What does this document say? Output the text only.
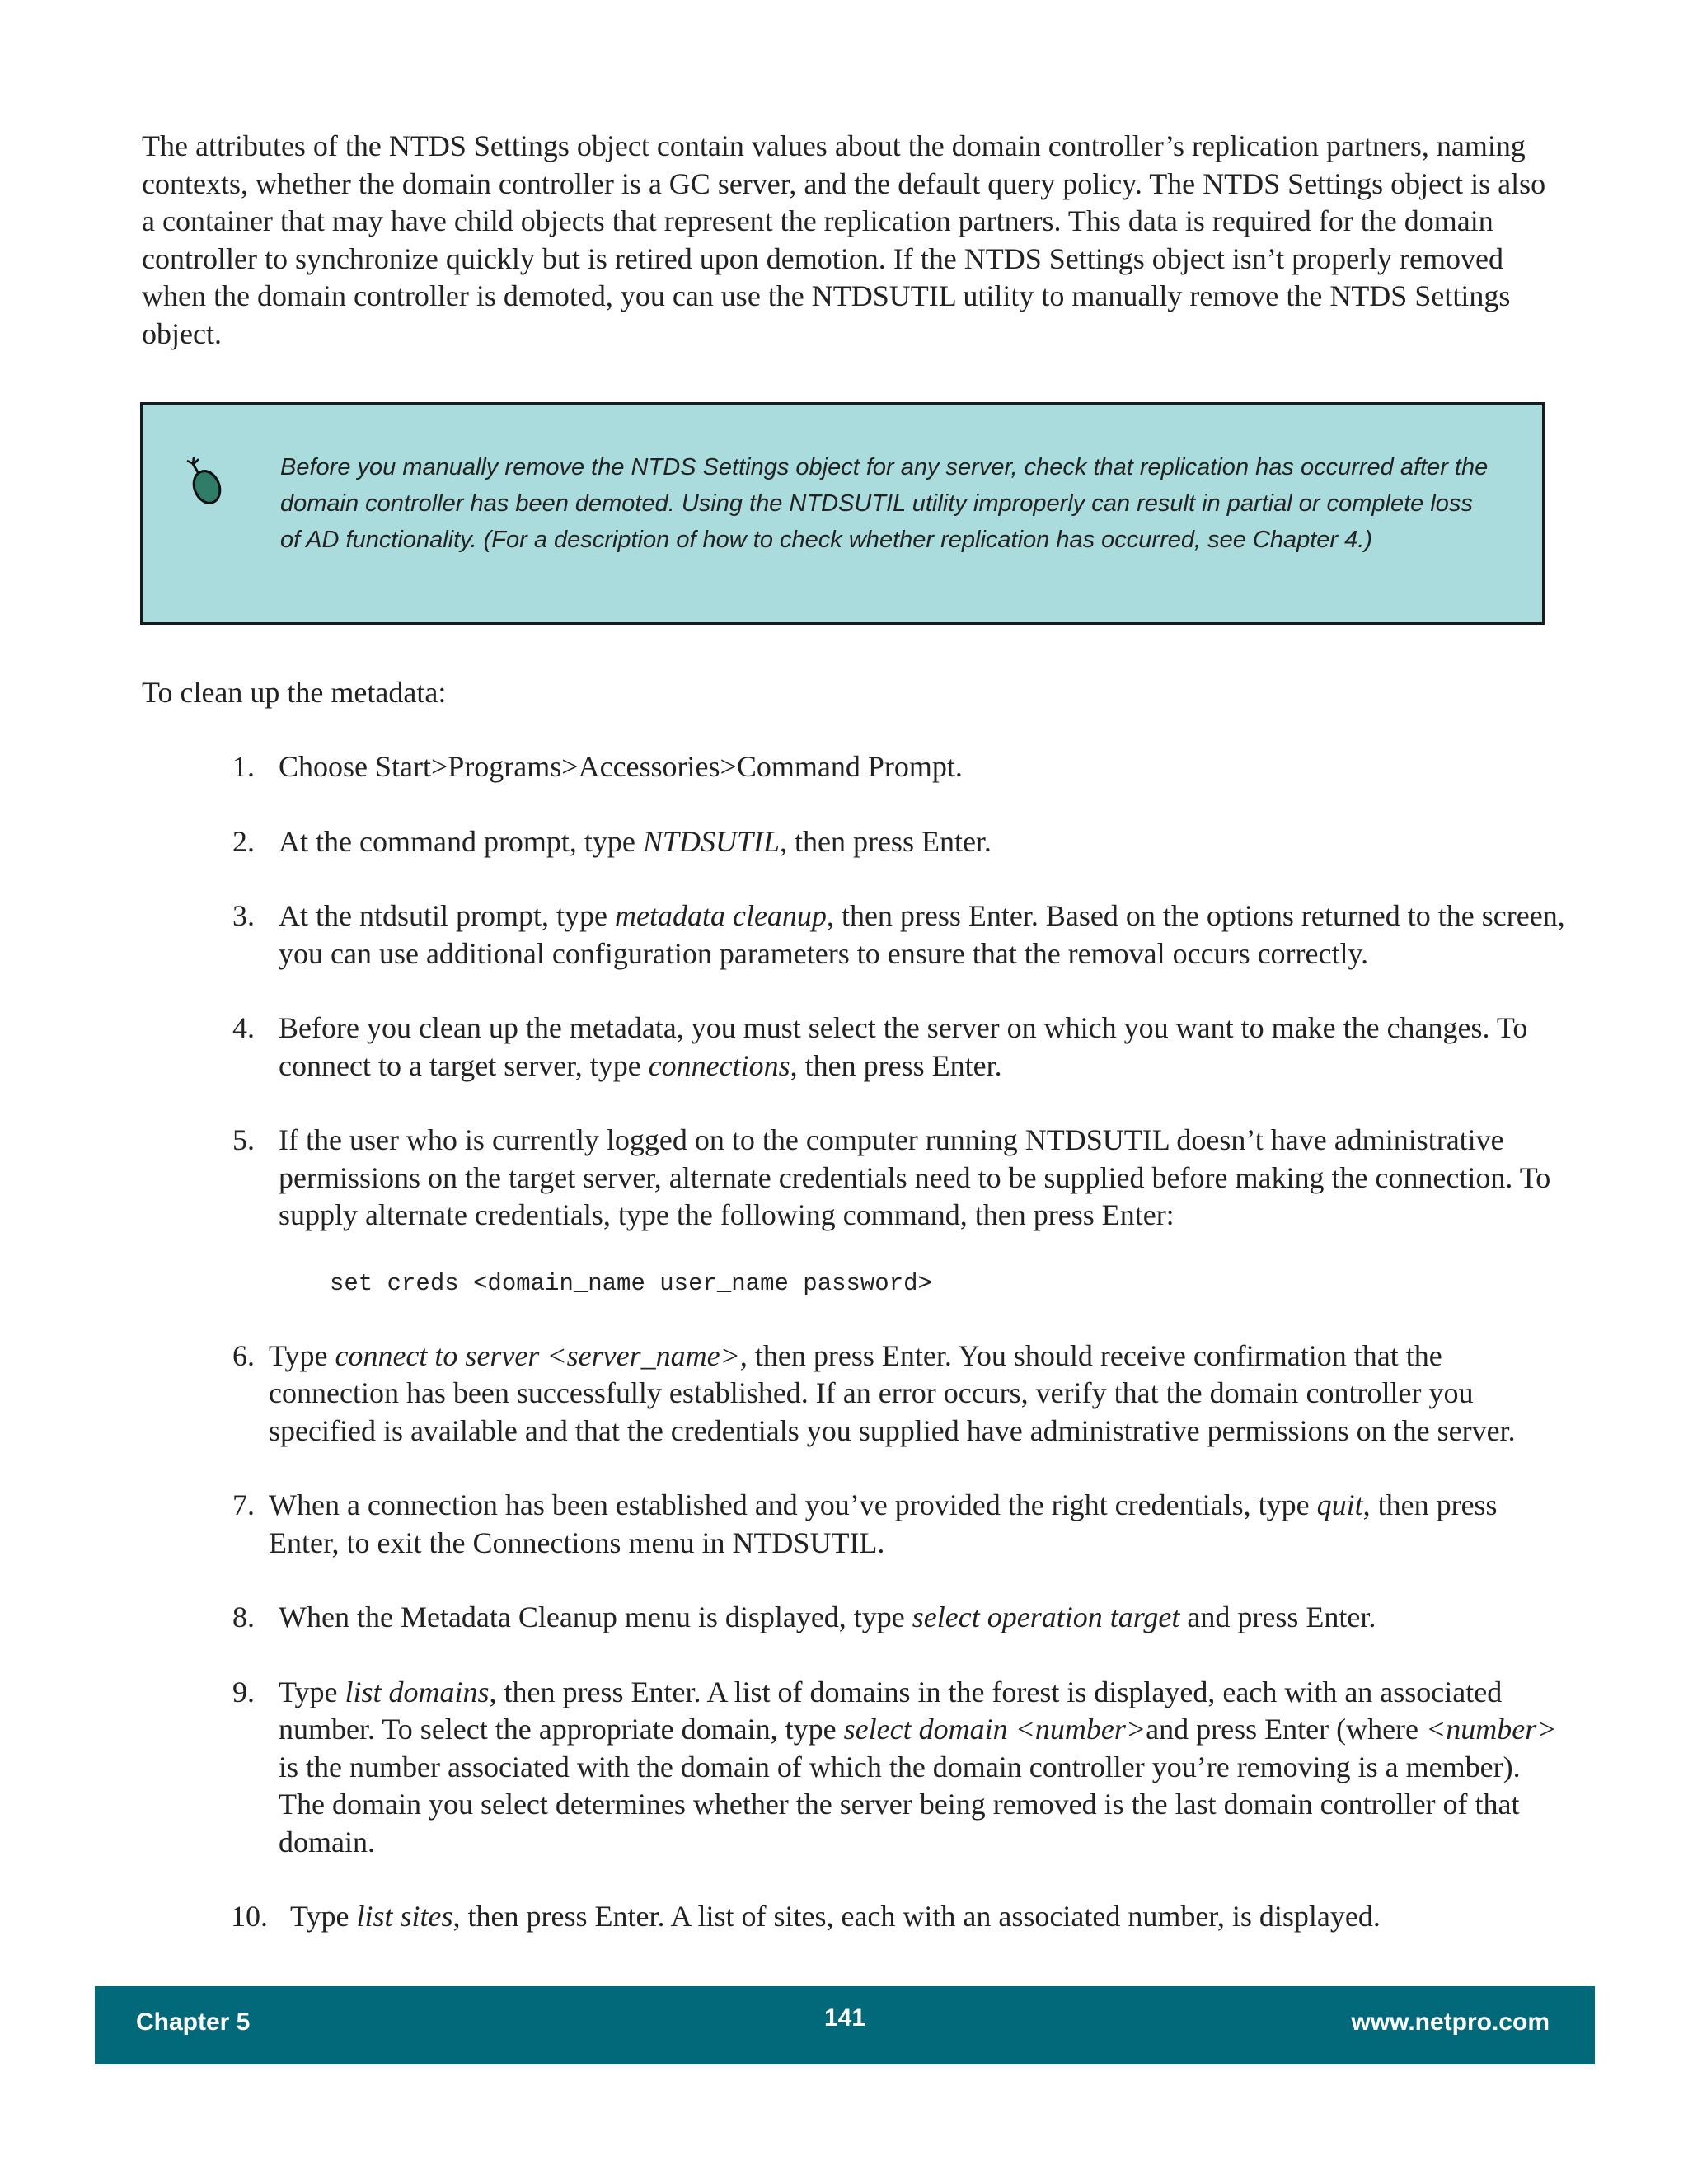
The attributes of the NTDS Settings object contain values about the domain controller’s replication partners, naming contexts, whether the domain controller is a GC server, and the default query policy. The NTDS Settings object is also a container that may have child objects that represent the replication partners. This data is required for the domain controller to synchronize quickly but is retired upon demotion. If the NTDS Settings object isn’t properly removed when the domain controller is demoted, you can use the NTDSUTIL utility to manually remove the NTDS Settings object.

Before you manually remove the NTDS Settings object for any server, check that replication has occurred after the domain controller has been demoted. Using the NTDSUTIL utility improperly can result in partial or complete loss of AD functionality. (For a description of how to check whether replication has occurred, see Chapter 4.)

To clean up the metadata:

1. Choose Start>Programs>Accessories>Command Prompt.
2. At the command prompt, type NTDSUTIL, then press Enter.
3. At the ntdsutil prompt, type metadata cleanup, then press Enter. Based on the options returned to the screen, you can use additional configuration parameters to ensure that the removal occurs correctly.
4. Before you clean up the metadata, you must select the server on which you want to make the changes. To connect to a target server, type connections, then press Enter.
5. If the user who is currently logged on to the computer running NTDSUTIL doesn’t have administrative permissions on the target server, alternate credentials need to be supplied before making the connection. To supply alternate credentials, type the following command, then press Enter:
set creds <domain_name user_name password>
6. Type connect to server <server_name>, then press Enter. You should receive confirmation that the connection has been successfully established. If an error occurs, verify that the domain controller you specified is available and that the credentials you supplied have administrative permissions on the server.
7. When a connection has been established and you’ve provided the right credentials, type quit, then press Enter, to exit the Connections menu in NTDSUTIL.
8. When the Metadata Cleanup menu is displayed, type select operation target and press Enter.
9. Type list domains, then press Enter. A list of domains in the forest is displayed, each with an associated number. To select the appropriate domain, type select domain <number>and press Enter (where <number> is the number associated with the domain of which the domain controller you’re removing is a member). The domain you select determines whether the server being removed is the last domain controller of that domain.
10. Type list sites, then press Enter. A list of sites, each with an associated number, is displayed.
Chapter 5	141	www.netpro.com
